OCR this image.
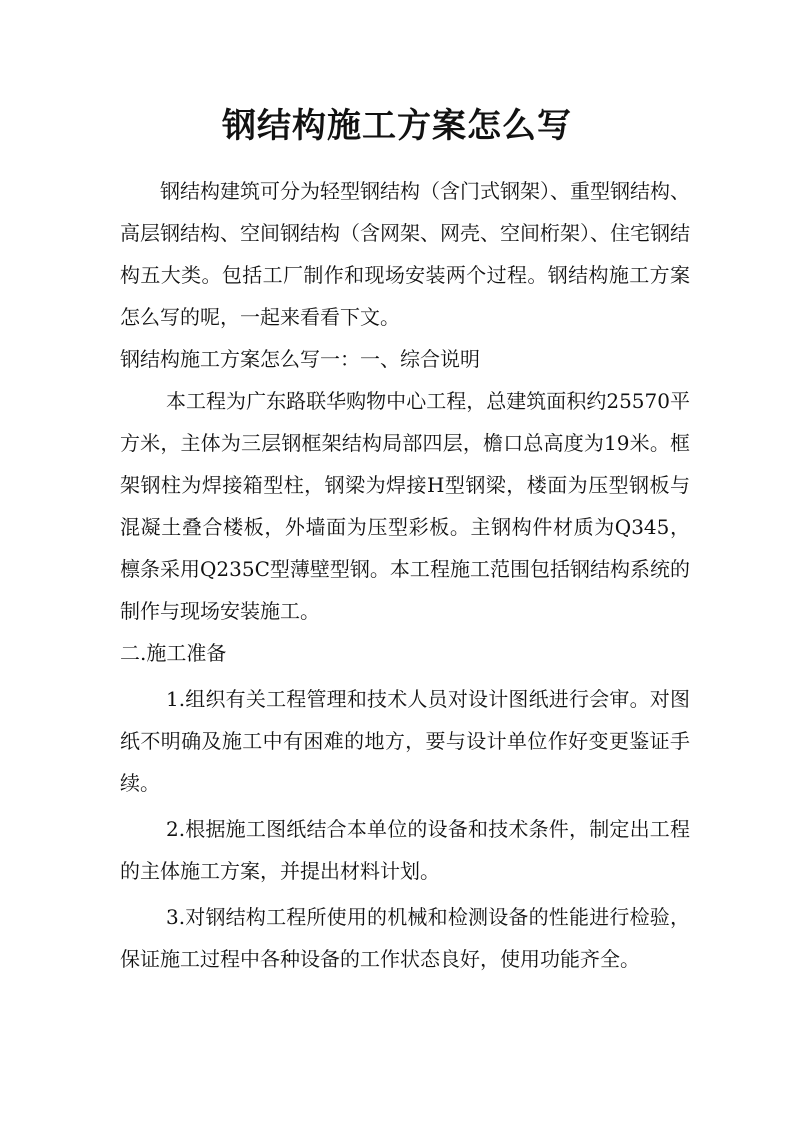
钢结构施工方案怎么写

钢结构建筑可分为轻型钢结构（含门式钢架）、重型钢结构、高层钢结构、空间钢结构（含网架、网壳、空间桁架）、住宅钢结构五大类。包括工厂制作和现场安装两个过程。钢结构施工方案怎么写的呢，一起来看看下文。

钢结构施工方案怎么写一：一、综合说明

本工程为广东路联华购物中心工程，总建筑面积约25570平方米，主体为三层钢框架结构局部四层，檐口总高度为19米。框架钢柱为焊接箱型柱，钢梁为焊接H型钢梁，楼面为压型钢板与混凝土叠合楼板，外墙面为压型彩板。主钢构件材质为Q345，檩条采用Q235C型薄壁型钢。本工程施工范围包括钢结构系统的制作与现场安装施工。

二.施工准备

1.组织有关工程管理和技术人员对设计图纸进行会审。对图纸不明确及施工中有困难的地方，要与设计单位作好变更鉴证手续。

2.根据施工图纸结合本单位的设备和技术条件，制定出工程的主体施工方案，并提出材料计划。

3.对钢结构工程所使用的机械和检测设备的性能进行检验，保证施工过程中各种设备的工作状态良好，使用功能齐全。
